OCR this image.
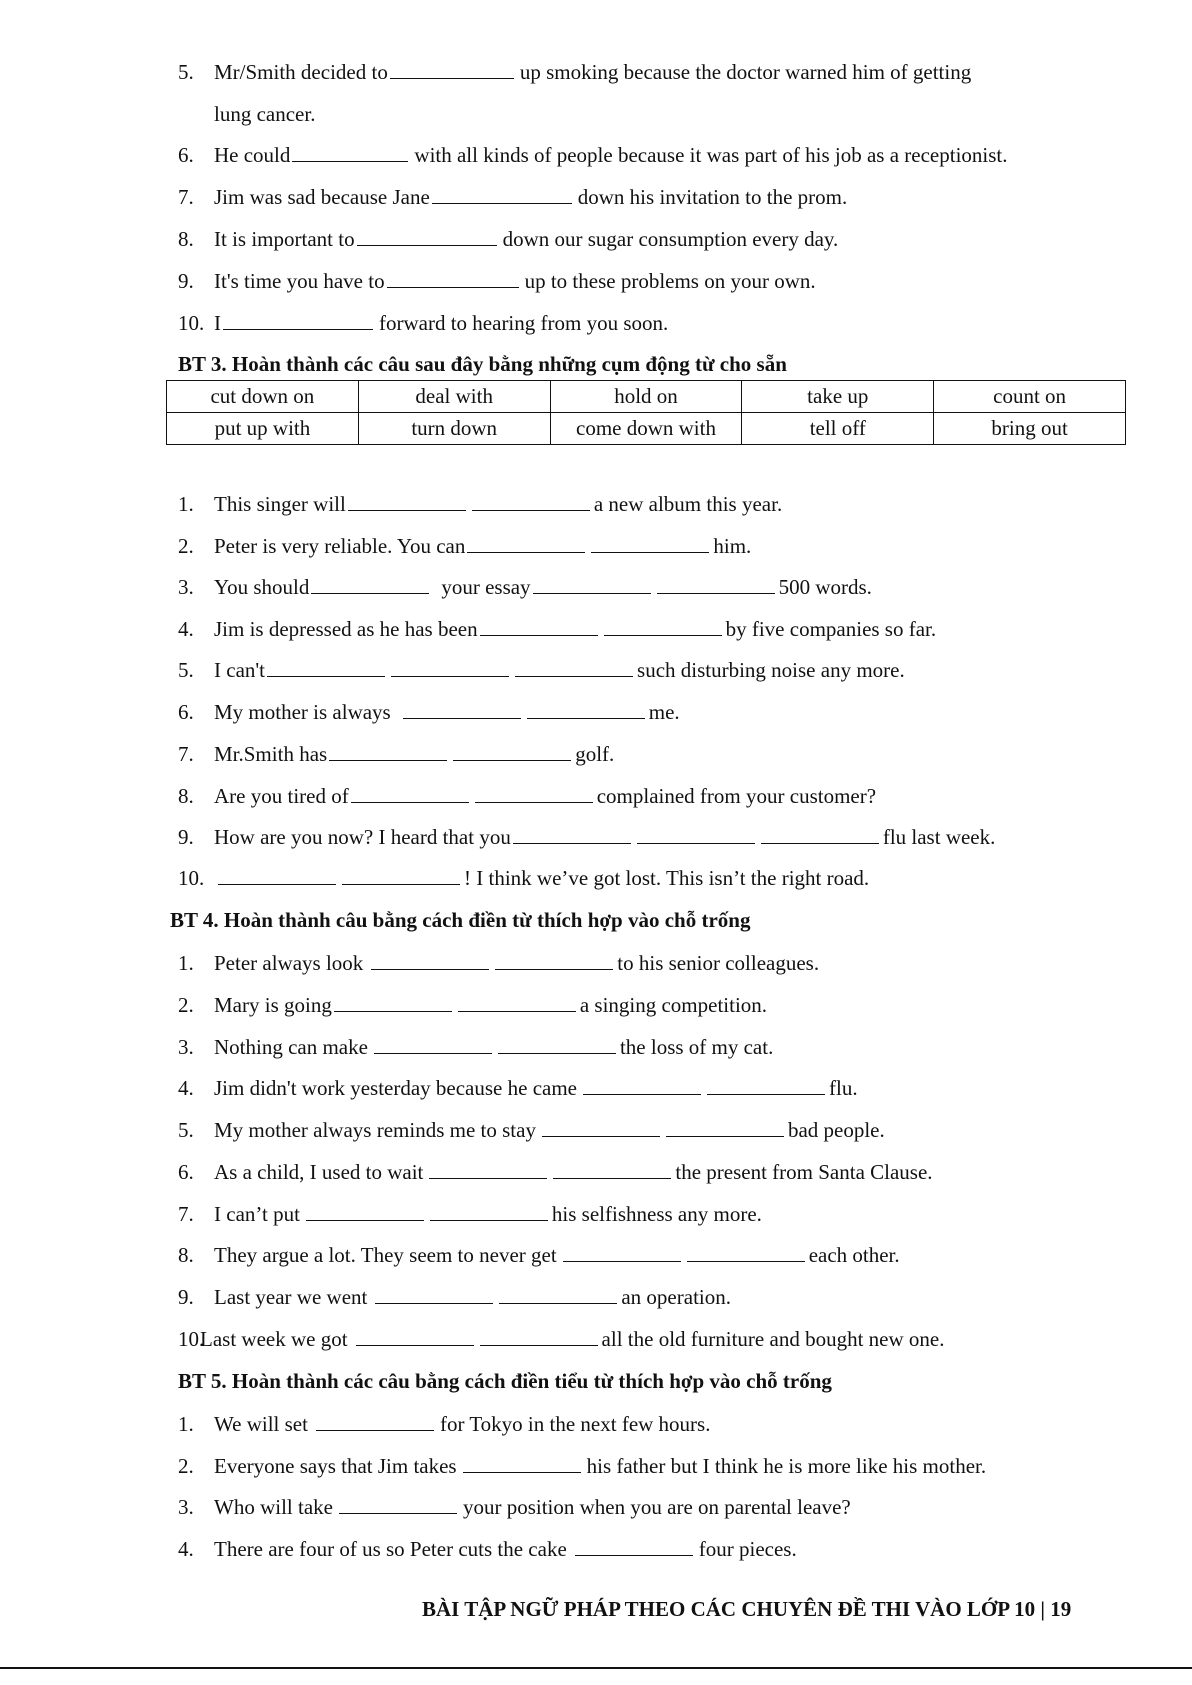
5. Mr/Smith decided to	up smoking because the doctor warned him of getting
lung cancer.
6. He could	with all kinds of people because it was part of his job as a receptionist.
7. Jim was sad because Jane	down his invitation to the prom.
8. It is important to	down our sugar consumption every day.
9. It's time you have to	up to these problems on your own.
10. I	forward to hearing from you soon.
BT 3. Hoàn thành các câu sau đây bằng những cụm động từ cho sẵn
cut down on	deal with	hold on	take up	count on
put up with	turn down	come down with	tell off	bring out
1. This singer will	a new album this year.
2. Peter is very reliable. You can	him.
3. You should	your essay	500 words.
4. Jim is depressed as he has been	by five companies so far.
5. I can't	such disturbing noise any more.
6. My mother is always	me.
7. Mr.Smith has	golf.
8. Are you tired of	complained from your customer?
9. How are you now? I heard that you	flu last week.
10.	! I think we’ve got lost. This isn’t the right road.
BT 4. Hoàn thành câu bằng cách điền từ thích hợp vào chỗ trống
1. Peter always look	to his senior colleagues.
2. Mary is going	a singing competition.
3. Nothing can make	the loss of my cat.
4. Jim didn't work yesterday because he came	flu.
5. My mother always reminds me to stay	bad people.
6. As a child, I used to wait	the present from Santa Clause.
7. I can’t put	his selfishness any more.
8. They argue a lot. They seem to never get	each other.
9. Last year we went	an operation.
10.Last week we got	all the old furniture and bought new one.
BT 5. Hoàn thành các câu bằng cách điền tiểu từ thích hợp vào chỗ trống
1. We will set	for Tokyo in the next few hours.
2. Everyone says that Jim takes	his father but I think he is more like his mother.
3. Who will take	your position when you are on parental leave?
4. There are four of us so Peter cuts the cake	four pieces.
BÀI TẬP NGỮ PHÁP THEO CÁC CHUYÊN ĐỀ THI VÀO LỚP 10 | 19
